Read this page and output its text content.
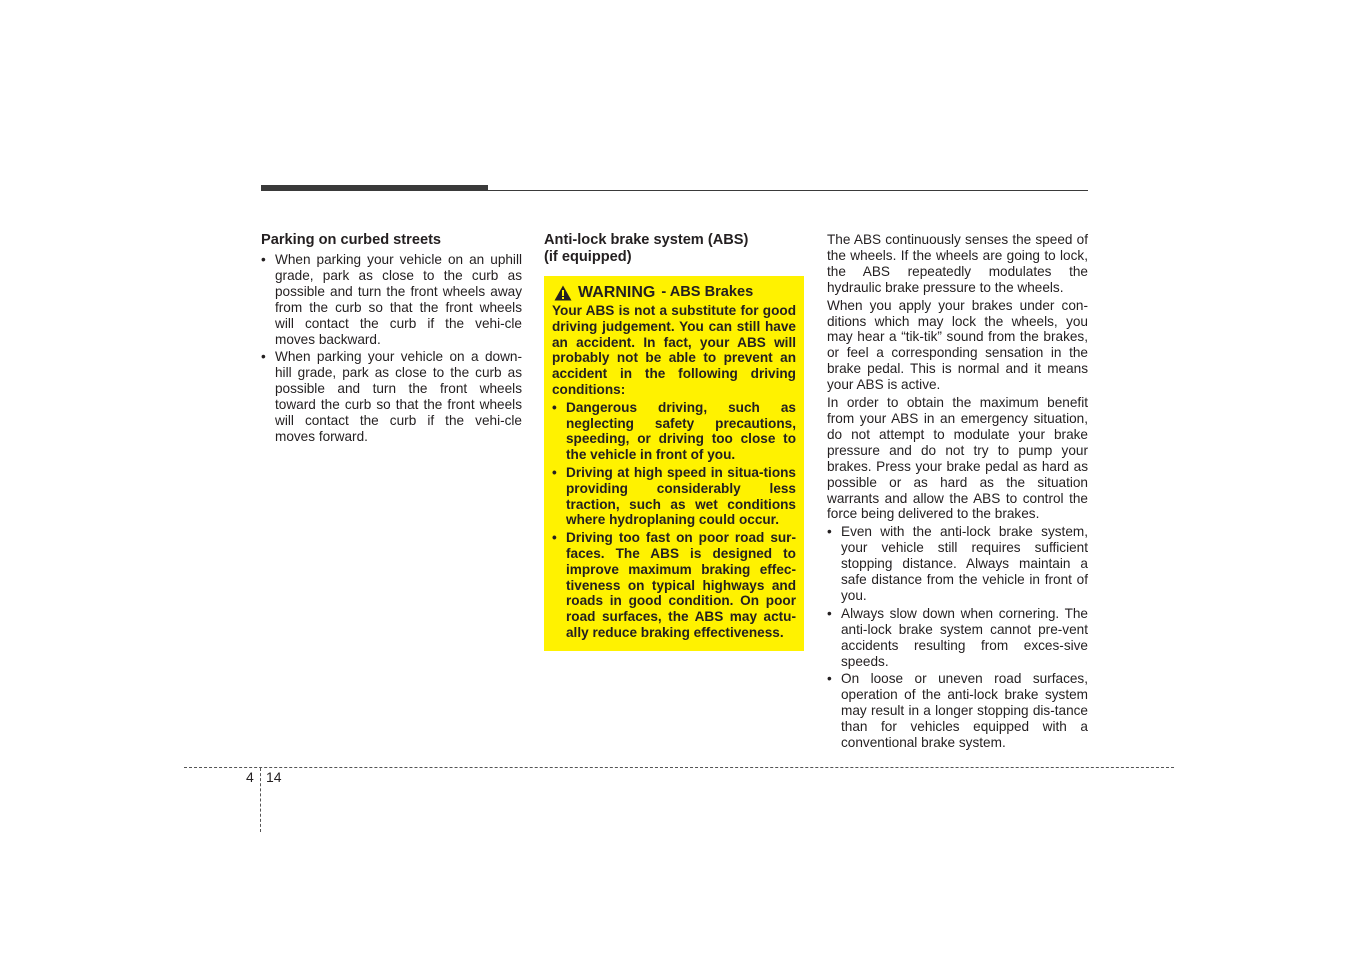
Parking on curbed streets
• When parking your vehicle on an uphill grade, park as close to the curb as possible and turn the front wheels away from the curb so that the front wheels will contact the curb if the vehi-cle moves backward.
• When parking your vehicle on a down-hill grade, park as close to the curb as possible and turn the front wheels toward the curb so that the front wheels will contact the curb if the vehi-cle moves forward.
Anti-lock brake system (ABS)
(if equipped)
WARNING - ABS Brakes

Your ABS is not a substitute for good driving judgement. You can still have an accident. In fact, your ABS will probably not be able to prevent an accident in the following driving conditions:

• Dangerous driving, such as neglecting safety precautions, speeding, or driving too close to the vehicle in front of you.
• Driving at high speed in situa-tions providing considerably less traction, such as wet conditions where hydroplaning could occur.
• Driving too fast on poor road sur-faces. The ABS is designed to improve maximum braking effec-tiveness on typical highways and roads in good condition. On poor road surfaces, the ABS may actu-ally reduce braking effectiveness.

The ABS continuously senses the speed of the wheels. If the wheels are going to lock, the ABS repeatedly modulates the hydraulic brake pressure to the wheels.

When you apply your brakes under con-ditions which may lock the wheels, you may hear a “tik-tik” sound from the brakes, or feel a corresponding sensation in the brake pedal. This is normal and it means your ABS is active.

In order to obtain the maximum benefit from your ABS in an emergency situation, do not attempt to modulate your brake pressure and do not try to pump your brakes. Press your brake pedal as hard as possible or as hard as the situation warrants and allow the ABS to control the force being delivered to the brakes.

• Even with the anti-lock brake system, your vehicle still requires sufficient stopping distance. Always maintain a safe distance from the vehicle in front of you.
• Always slow down when cornering. The anti-lock brake system cannot pre-vent accidents resulting from exces-sive speeds.
• On loose or uneven road surfaces, operation of the anti-lock brake system may result in a longer stopping dis-tance than for vehicles equipped with a conventional brake system.
4 14
